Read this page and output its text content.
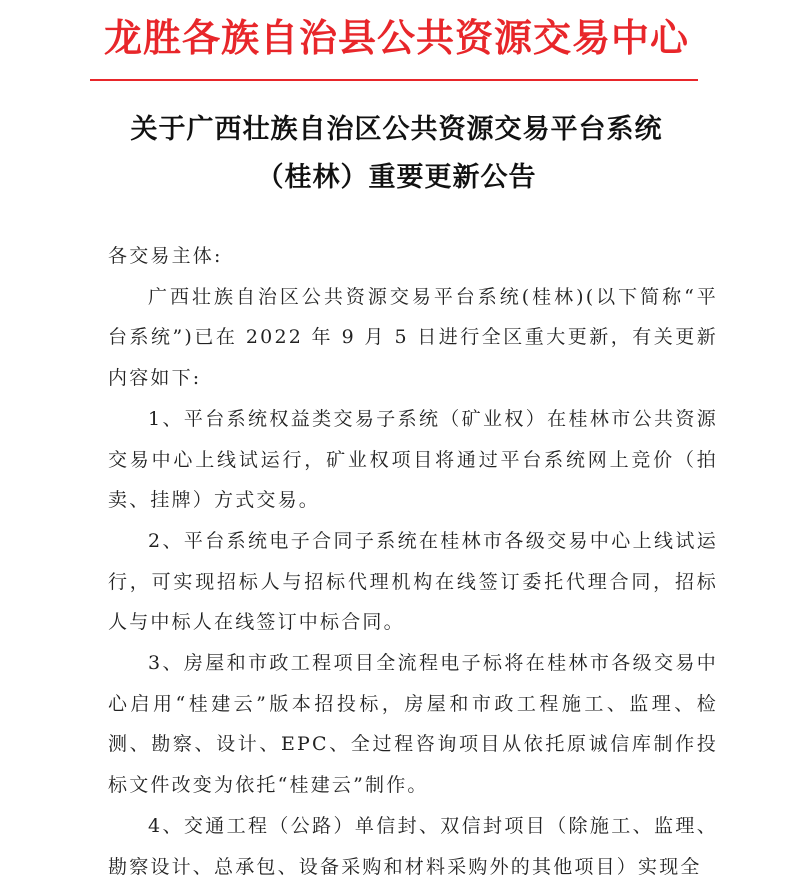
龙胜各族自治县公共资源交易中心
关于广西壮族自治区公共资源交易平台系统
（桂林）重要更新公告

各交易主体:

广西壮族自治区公共资源交易平台系统(桂林)(以下简称“平台系统”)已在 2022 年 9 月 5 日进行全区重大更新，有关更新内容如下:

1、平台系统权益类交易子系统（矿业权）在桂林市公共资源交易中心上线试运行，矿业权项目将通过平台系统网上竞价（拍卖、挂牌）方式交易。

2、平台系统电子合同子系统在桂林市各级交易中心上线试运行，可实现招标人与招标代理机构在线签订委托代理合同，招标人与中标人在线签订中标合同。

3、房屋和市政工程项目全流程电子标将在桂林市各级交易中心启用“桂建云”版本招投标，房屋和市政工程施工、监理、检测、勘察、设计、EPC、全过程咨询项目从依托原诚信库制作投标文件改变为依托“桂建云”制作。

4、交通工程（公路）单信封、双信封项目（除施工、监理、勘察设计、总承包、设备采购和材料采购外的其他项目）实现全
